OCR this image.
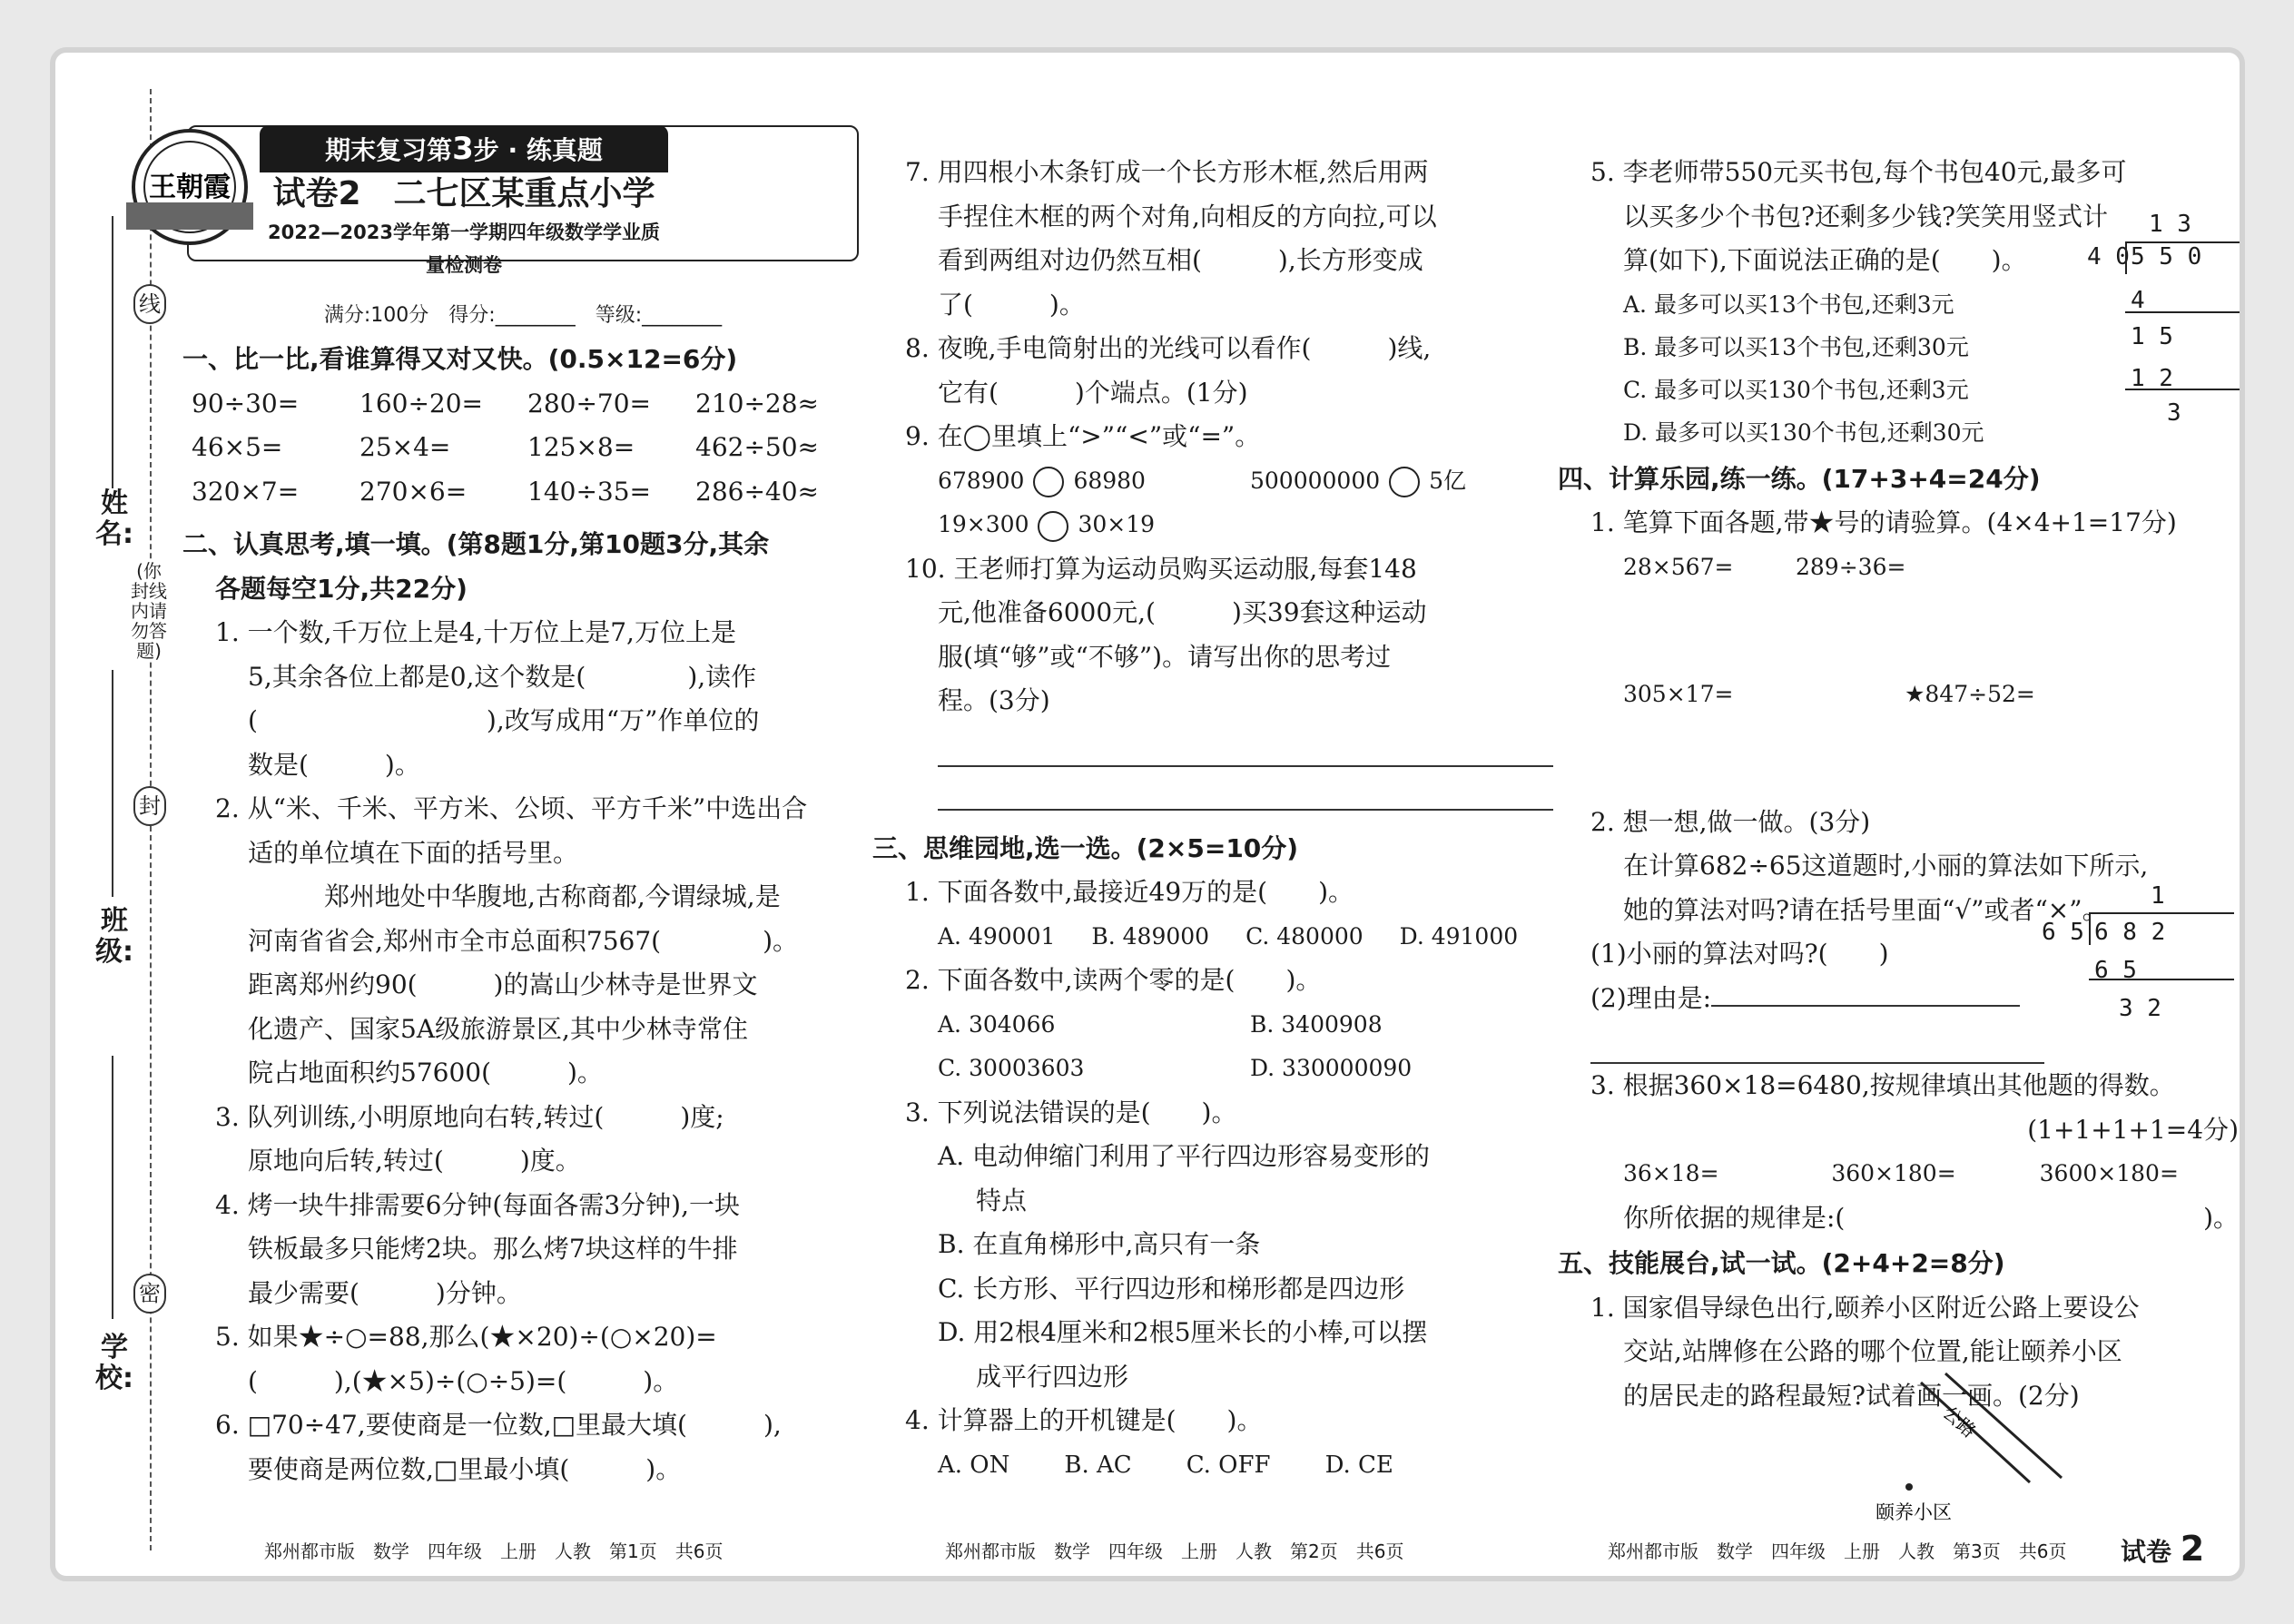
线
(你封线内请勿答题)
封
密
姓名:
班级:
学校:
王朝霞
期末复习第3步 · 练真题
试卷2　二七区某重点小学
2022—2023学年第一学期四年级数学学业质量检测卷
满分:100分　得分:________　等级:________
一、比一比,看谁算得又对又快。(0.5×12=6分)
90÷30=	160÷20=	280÷70=	210÷28≈
46×5=	25×4=	125×8=	462÷50≈
320×7=	270×6=	140÷35=	286÷40≈
二、认真思考,填一填。(第8题1分,第10题3分,其余
各题每空1分,共22分)
1. 一个数,千万位上是4,十万位上是7,万位上是
5,其余各位上都是0,这个数是(　　　　),读作
(　　　　　　　　　),改写成用“万”作单位的
数是(　　　)。
2. 从“米、千米、平方米、公顷、平方千米”中选出合
适的单位填在下面的括号里。
郑州地处中华腹地,古称商都,今谓绿城,是
河南省省会,郑州市全市总面积7567(　　　　)。
距离郑州约90(　　　)的嵩山少林寺是世界文
化遗产、国家5A级旅游景区,其中少林寺常住
院占地面积约57600(　　　)。
3. 队列训练,小明原地向右转,转过(　　　)度;
原地向后转,转过(　　　)度。
4. 烤一块牛排需要6分钟(每面各需3分钟),一块
铁板最多只能烤2块。那么烤7块这样的牛排
最少需要(　　　)分钟。
5. 如果★÷○=88,那么(★×20)÷(○×20)=
(　　　),(★×5)÷(○÷5)=(　　　)。
6. □70÷47,要使商是一位数,□里最大填(　　　),
要使商是两位数,□里最小填(　　　)。
7. 用四根小木条钉成一个长方形木框,然后用两
手捏住木框的两个对角,向相反的方向拉,可以
看到两组对边仍然互相(　　　),长方形变成
了(　　　)。
8. 夜晚,手电筒射出的光线可以看作(　　　)线,
它有(　　　)个端点。(1分)
9. 在◯里填上“>”“<”或“=”。
678900 68980	500000000 5亿
19×300 30×19
10. 王老师打算为运动员购买运动服,每套148
元,他准备6000元,(　　　)买39套这种运动
服(填“够”或“不够”)。请写出你的思考过
程。(3分)
三、思维园地,选一选。(2×5=10分)
1. 下面各数中,最接近49万的是(　　)。
A. 490001 B. 489000 C. 480000 D. 491000
2. 下面各数中,读两个零的是(　　)。
A. 304066	B. 3400908
C. 30003603	D. 330000090
3. 下列说法错误的是(　　)。
A. 电动伸缩门利用了平行四边形容易变形的
特点
B. 在直角梯形中,高只有一条
C. 长方形、平行四边形和梯形都是四边形
D. 用2根4厘米和2根5厘米长的小棒,可以摆
成平行四边形
4. 计算器上的开机键是(　　)。
A. ON B. AC C. OFF D. CE
5. 李老师带550元买书包,每个书包40元,最多可
以买多少个书包?还剩多少钱?笑笑用竖式计
算(如下),下面说法正确的是(　　)。
A. 最多可以买13个书包,还剩3元
B. 最多可以买13个书包,还剩30元
C. 最多可以买130个书包,还剩3元
D. 最多可以买130个书包,还剩30元
四、计算乐园,练一练。(17+3+4=24分)
1. 笔算下面各题,带★号的请验算。(4×4+1=17分)
28×567=	289÷36=
305×17=	★847÷52=
2. 想一想,做一做。(3分)
在计算682÷65这道题时,小丽的算法如下所示,
她的算法对吗?请在括号里面“√”或者“×”。
(1)小丽的算法对吗?(　　)
(2)理由是:
3. 根据360×18=6480,按规律填出其他题的得数。
(1+1+1+1=4分)
36×18=	360×180=	3600×180=
你所依据的规律是:(	)。
五、技能展台,试一试。(2+4+2=8分)
1. 国家倡导绿色出行,颐养小区附近公路上要设公
交站,站牌修在公路的哪个位置,能让颐养小区
的居民走的路程最短?试着画一画。(2分)
1 3
4 0 5 5 0
4
1 5
1 2
3
1
6 5 6 8 2
6 5
3 2
公路
颐养小区
郑州都市版　数学　四年级　上册　人教　第1页　共6页	郑州都市版　数学　四年级　上册　人教　第2页　共6页	郑州都市版　数学　四年级　上册　人教　第3页　共6页 试卷 2
